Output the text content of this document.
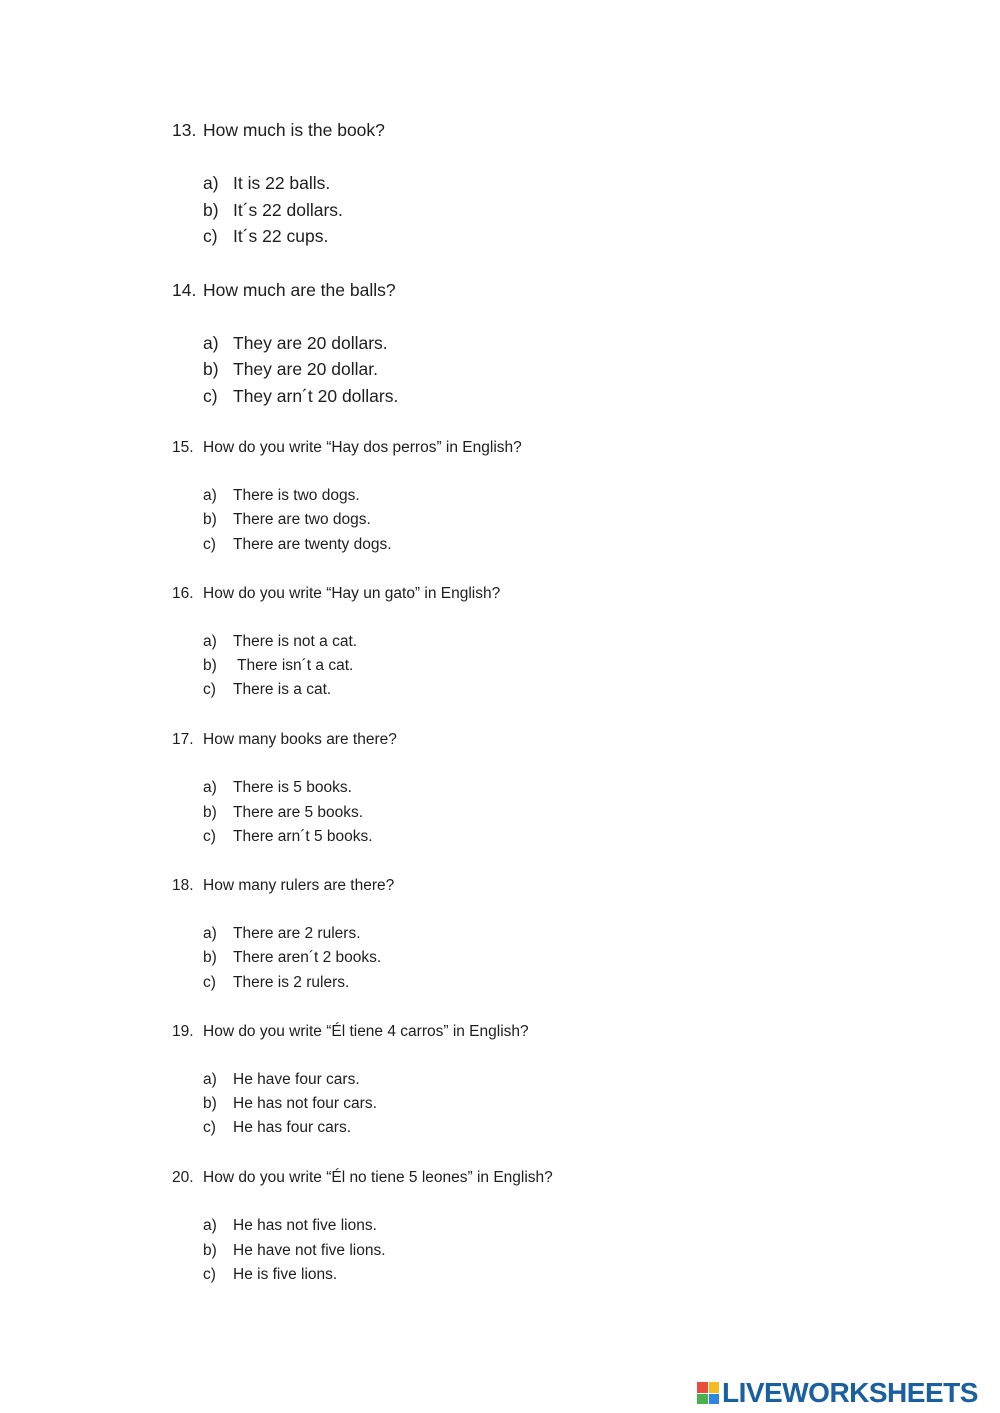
13. How much is the book?

a) It is 22 balls.

b) It´s 22 dollars.

c) It´s 22 cups.

14. How much are the balls?

a) They are 20 dollars.

b) They are 20 dollar.

c) They arn´t 20 dollars.

15. How do you write “Hay dos perros” in English?

a) There is two dogs.

b) There are two dogs.

c) There are twenty dogs.

16. How do you write “Hay un gato” in English?

a) There is not a cat.

b) There isn´t a cat.

c) There is a cat.

17. How many books are there?

a) There is 5 books.

b) There are 5 books.

c) There arn´t 5 books.

18. How many rulers are there?

a) There are 2 rulers.

b) There aren´t 2 books.

c) There is 2 rulers.

19. How do you write “Él tiene 4 carros” in English?

a) He have four cars.

b) He has not four cars.

c) He has four cars.

20. How do you write “Él no tiene 5 leones” in English?

a) He has not five lions.

b) He have not five lions.

c) He is five lions.

LIVEWORKSHEETS
